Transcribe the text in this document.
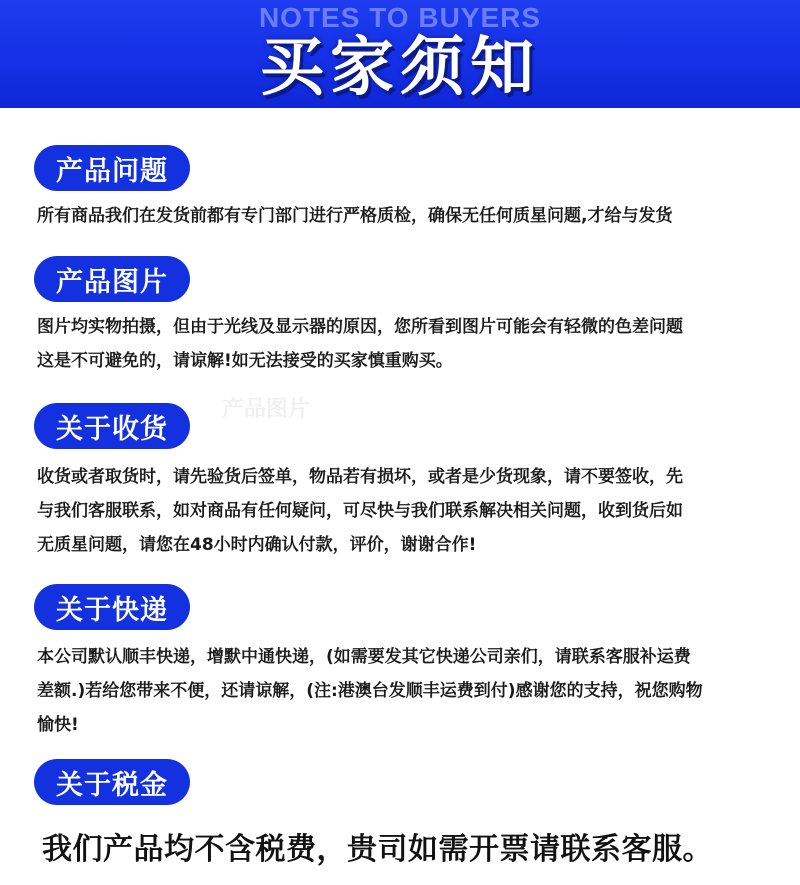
NOTES TO BUYERS
买家须知
产品问题
所有商品我们在发货前都有专门部门进行严格质检，确保无任何质星问题,才给与发货
产品图片
图片均实物拍摄，但由于光线及显示器的原因，您所看到图片可能会有轻微的色差问题
这是不可避免的，请谅解!如无法接受的买家慎重购买。
产品图片
关于收货
收货或者取货时，请先验货后签单，物品若有损坏，或者是少货现象，请不要签收，先
与我们客服联系，如对商品有任何疑问，可尽快与我们联系解决相关问题，收到货后如
无质星问题，请您在48小时内确认付款，评价，谢谢合作!
关于快递
本公司默认顺丰快递，增默中通快递，(如需要发其它快递公司亲们，请联系客服补运费
差额.)若给您带来不便，还请谅解，(注:港澳台发顺丰运费到付)感谢您的支持，祝您购物
愉快!
关于税金
我们产品均不含税费，贵司如需开票请联系客服。
